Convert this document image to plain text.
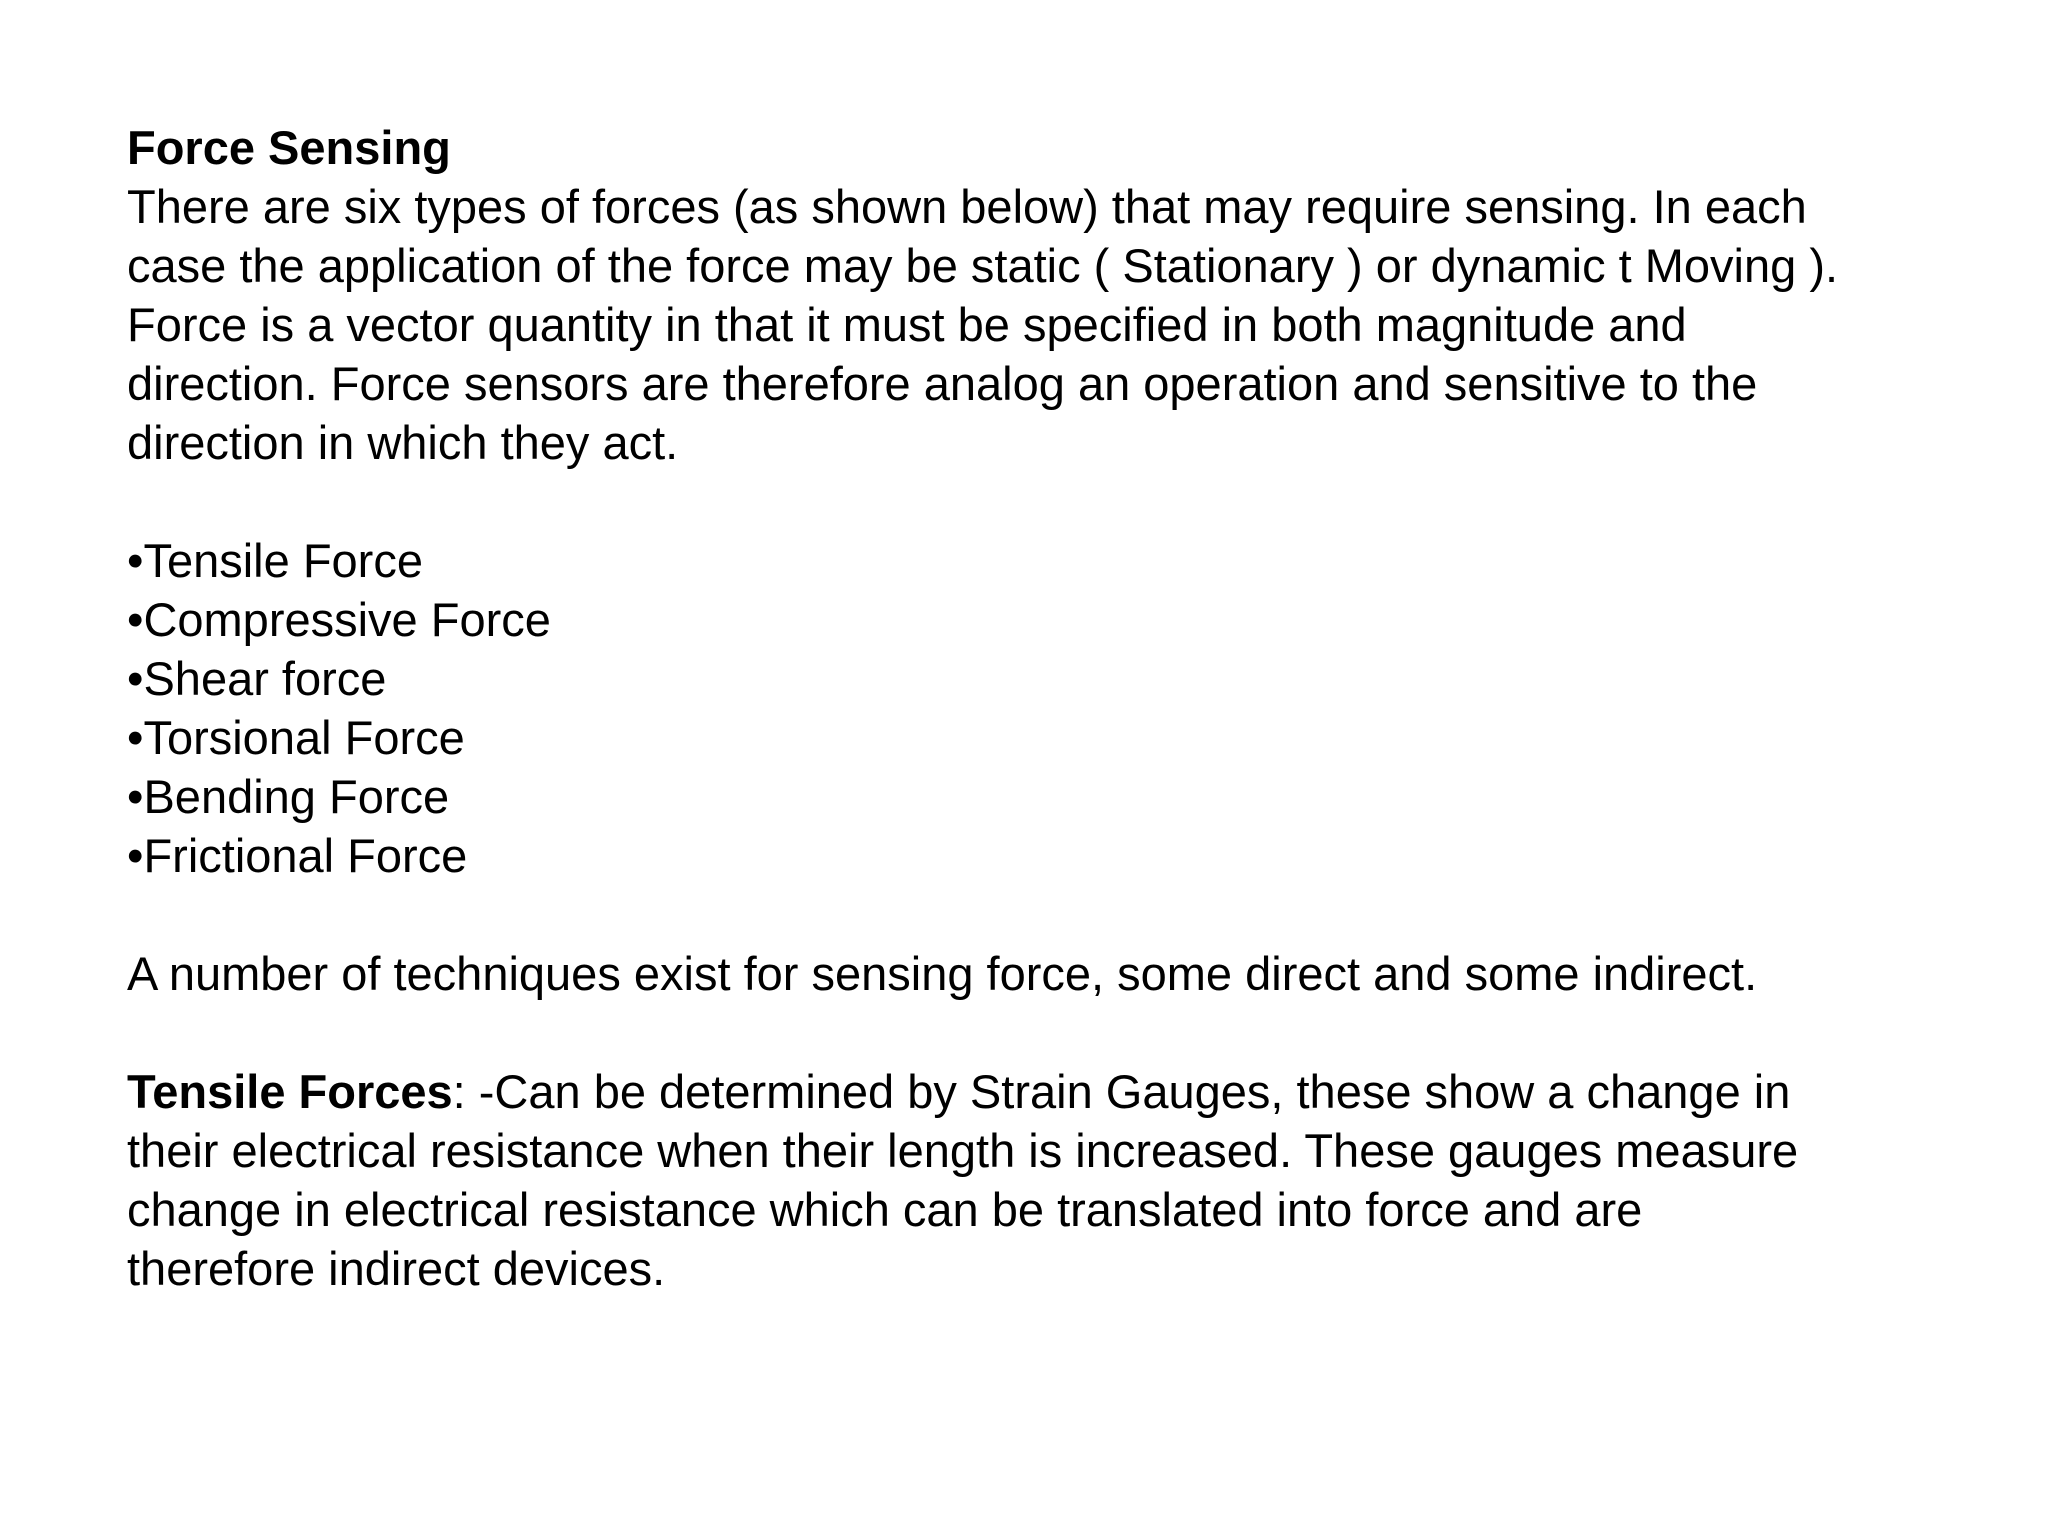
Force Sensing
There are six types of forces (as shown below) that may require sensing. In each
case the application of the force may be static ( Stationary ) or dynamic t Moving ).
Force is a vector quantity in that it must be specified in both magnitude and
direction. Force sensors are therefore analog an operation and sensitive to the
direction in which they act.
•Tensile Force
•Compressive Force
•Shear force
•Torsional Force
•Bending Force
•Frictional Force
A number of techniques exist for sensing force, some direct and some indirect.
Tensile Forces: -Can be determined by Strain Gauges, these show a change in
their electrical resistance when their length is increased. These gauges measure
change in electrical resistance which can be translated into force and are
therefore indirect devices.
